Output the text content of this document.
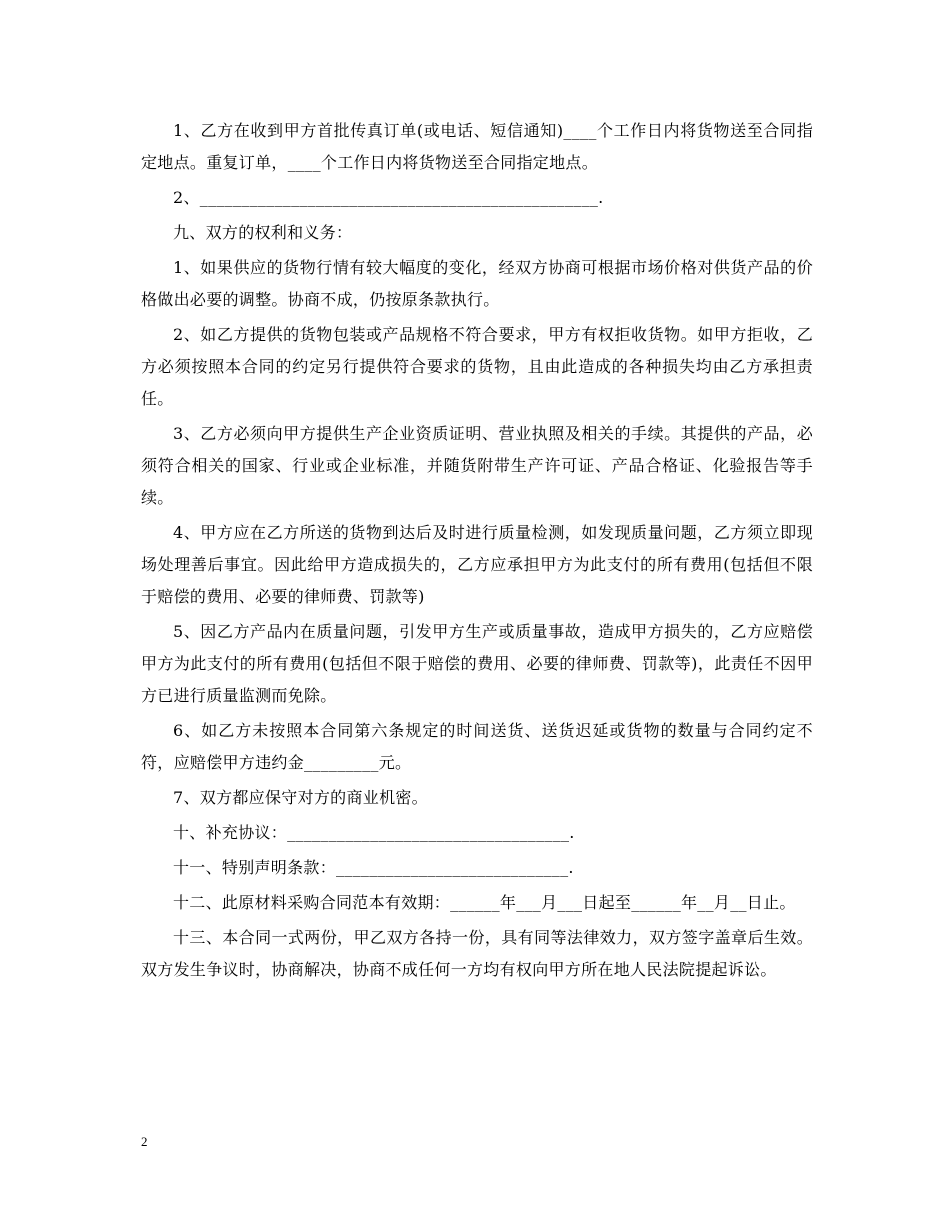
1、乙方在收到甲方首批传真订单(或电话、短信通知)____个工作日内将货物送至合同指定地点。重复订单，____个工作日内将货物送至合同指定地点。

2、________________________________________________.

九、双方的权利和义务：

1、如果供应的货物行情有较大幅度的变化，经双方协商可根据市场价格对供货产品的价格做出必要的调整。协商不成，仍按原条款执行。

2、如乙方提供的货物包装或产品规格不符合要求，甲方有权拒收货物。如甲方拒收，乙方必须按照本合同的约定另行提供符合要求的货物，且由此造成的各种损失均由乙方承担责任。

3、乙方必须向甲方提供生产企业资质证明、营业执照及相关的手续。其提供的产品，必须符合相关的国家、行业或企业标准，并随货附带生产许可证、产品合格证、化验报告等手续。

4、甲方应在乙方所送的货物到达后及时进行质量检测，如发现质量问题，乙方须立即现场处理善后事宜。因此给甲方造成损失的，乙方应承担甲方为此支付的所有费用(包括但不限于赔偿的费用、必要的律师费、罚款等)

5、因乙方产品内在质量问题，引发甲方生产或质量事故，造成甲方损失的，乙方应赔偿甲方为此支付的所有费用(包括但不限于赔偿的费用、必要的律师费、罚款等)，此责任不因甲方已进行质量监测而免除。

6、如乙方未按照本合同第六条规定的时间送货、送货迟延或货物的数量与合同约定不符，应赔偿甲方违约金_________元。

7、双方都应保守对方的商业机密。

十、补充协议：__________________________________.

十一、特别声明条款：____________________________.

十二、此原材料采购合同范本有效期：______年___月___日起至______年__月__日止。

十三、本合同一式两份，甲乙双方各持一份，具有同等法律效力，双方签字盖章后生效。双方发生争议时，协商解决，协商不成任何一方均有权向甲方所在地人民法院提起诉讼。

2
